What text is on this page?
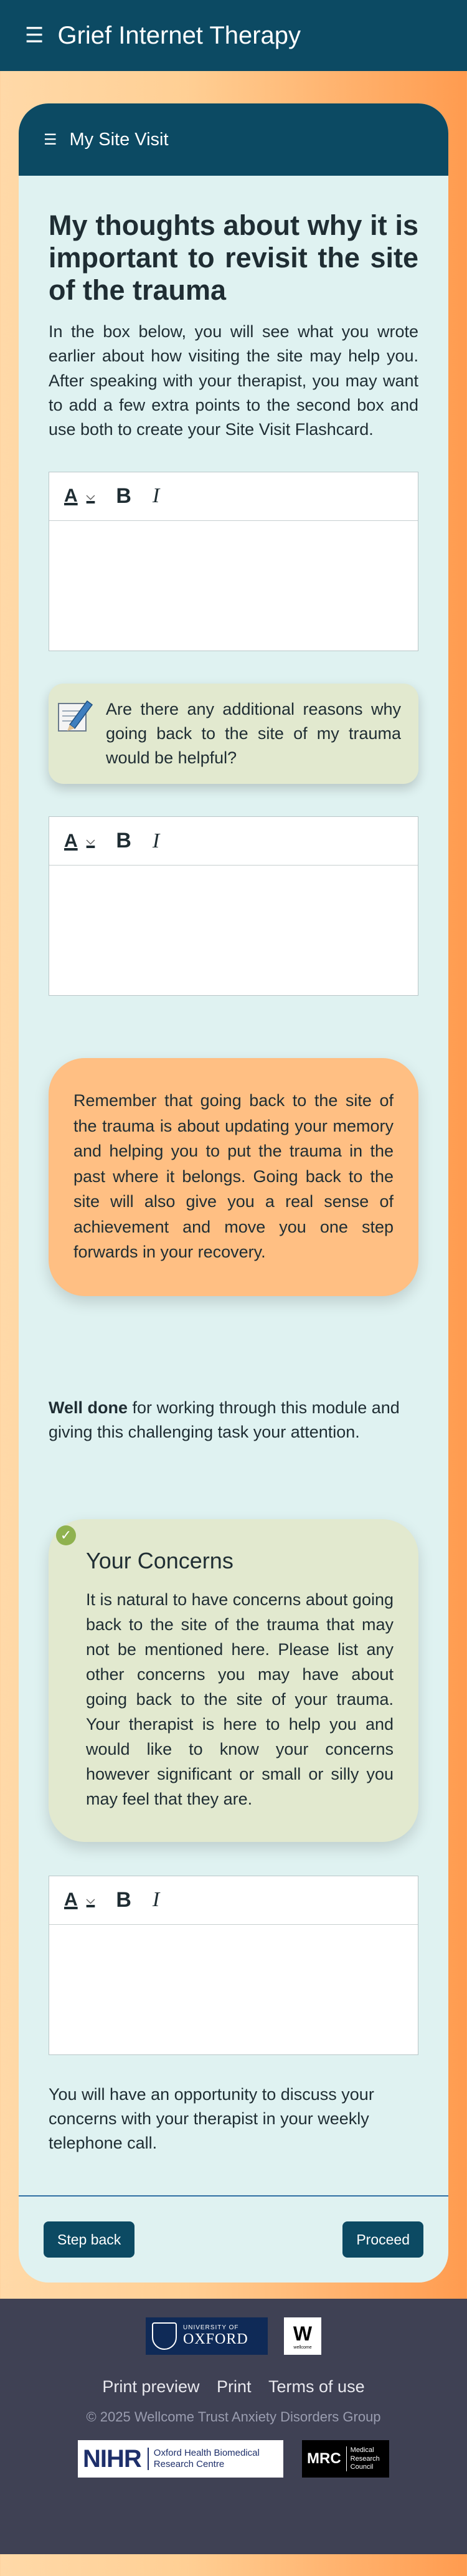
☰ Grief Internet Therapy
☰ My Site Visit
My thoughts about why it is important to revisit the site of the trauma

In the box below, you will see what you wrote earlier about how visiting the site may help you. After speaking with your therapist, you may want to add a few extra points to the second box and use both to create your Site Visit Flashcard.

A ⌵ B I

Are there any additional reasons why going back to the site of my trauma would be helpful?

A ⌵ B I

Remember that going back to the site of the trauma is about updating your memory and helping you to put the trauma in the past where it belongs. Going back to the site will also give you a real sense of achievement and move you one step forwards in your recovery.

Well done for working through this module and giving this challenging task your attention.

✓
Your Concerns

It is natural to have concerns about going back to the site of the trauma that may not be mentioned here. Please list any other concerns you may have about going back to the site of your trauma. Your therapist is here to help you and would like to know your concerns however significant or small or silly you may feel that they are.

A ⌵ B I

You will have an opportunity to discuss your concerns with your therapist in your weekly telephone call.

Step back	Proceed
UNIVERSITY OF
OXFORD W
wellcome
Print preview Print Terms of use
© 2025 Wellcome Trust Anxiety Disorders Group
NIHR	Oxford Health Biomedical Research Centre	MRC	Medical Research Council
